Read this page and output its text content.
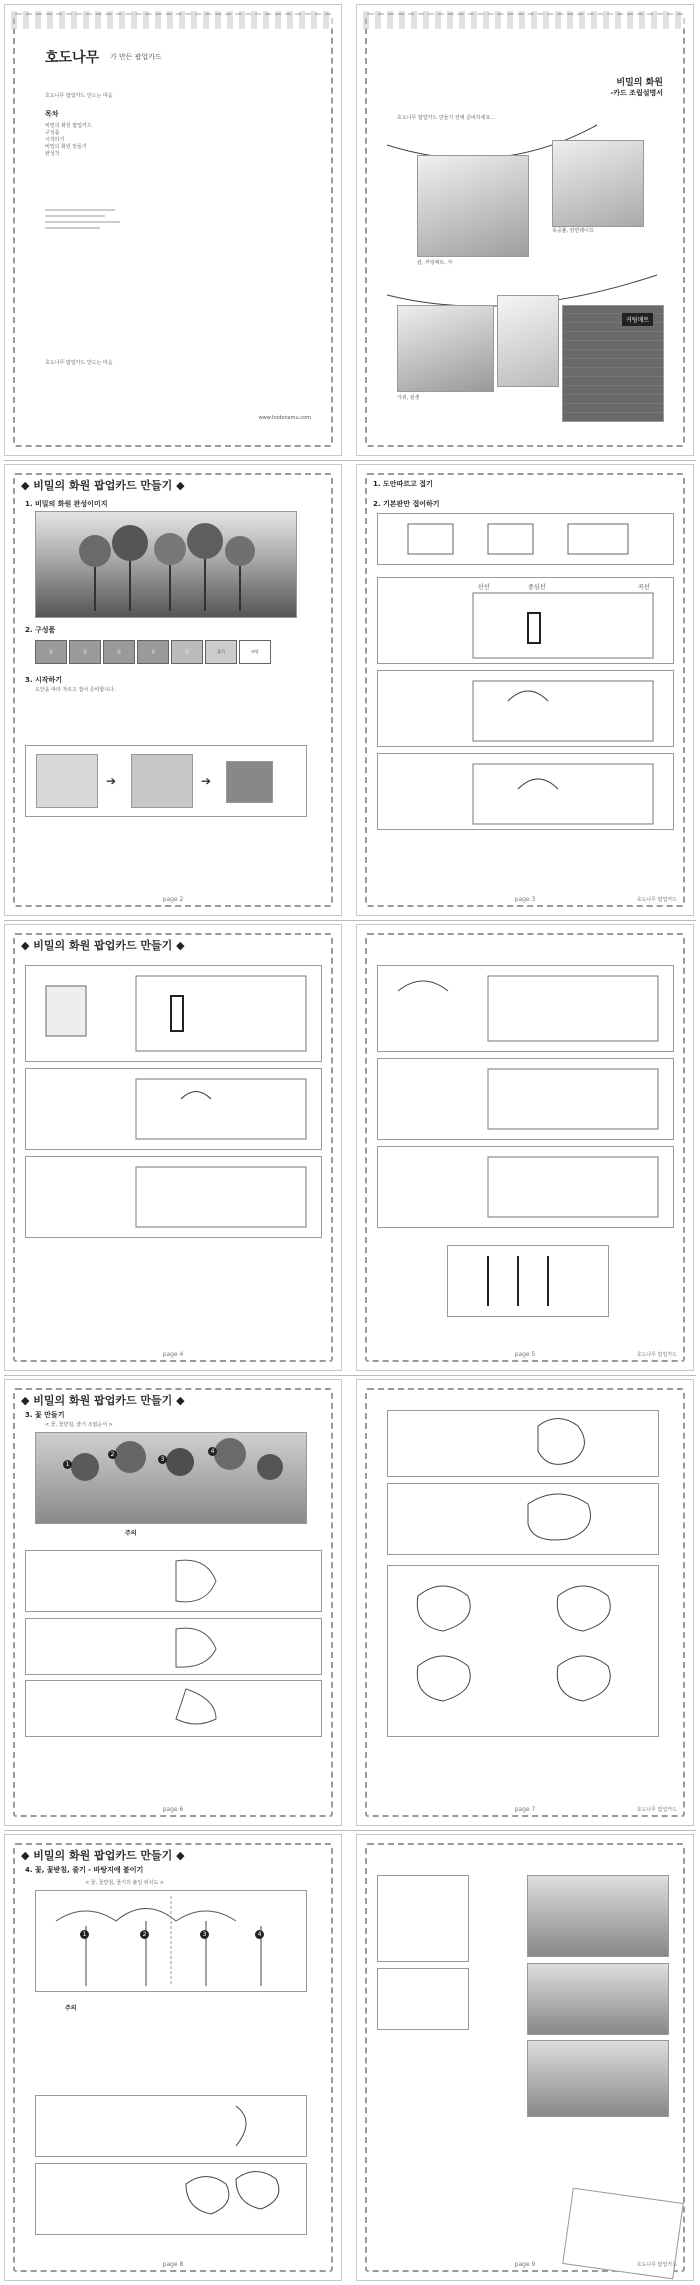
호도나무 가 만든 팝업카드
호도나무 팝업카드 만드는 마음
목차
비밀의 화원 팝업카드
구성품
시작하기
비밀의 화원 만들기
완성작
호도나무 팝업카드 만드는 마음
www.hodonamu.com
비밀의 화원
-카드 조립설명서
호도나무 팝업카드 만들기 전에 준비하세요...
커팅매트
칼, 커팅매트, 자
목공풀, 양면테이프
가위, 핀셋
◆ 비밀의 화원 팝업카드 만들기 ◆
1. 비밀의 화원 완성이미지
2. 구성품
꽃	꽃	꽃	꽃	잎	줄기	바탕
3. 시작하기
도안을 따라 자르고 접어 준비합니다.
➔	➔
page 2
1. 도안따르고 접기
2. 기본판만 접어하기
산선	중심선	곡선
page 3	호도나무 팝업카드
◆ 비밀의 화원 팝업카드 만들기 ◆
page 4	page 5	호도나무 팝업카드
◆ 비밀의 화원 팝업카드 만들기 ◆
3. 꽃 만들기
< 꽃, 꽃받침, 줄기 조립순서 >
1
2
3
4
주의
page 6	page 7	호도나무 팝업카드
◆ 비밀의 화원 팝업카드 만들기 ◆
4. 꽃, 꽃받침, 줄기 - 바탕지에 붙이기
< 꽃, 꽃받침, 줄기의 붙일 위치도 >
1	2	3	4
주의
page 8	page 9	호도나무 팝업카드
